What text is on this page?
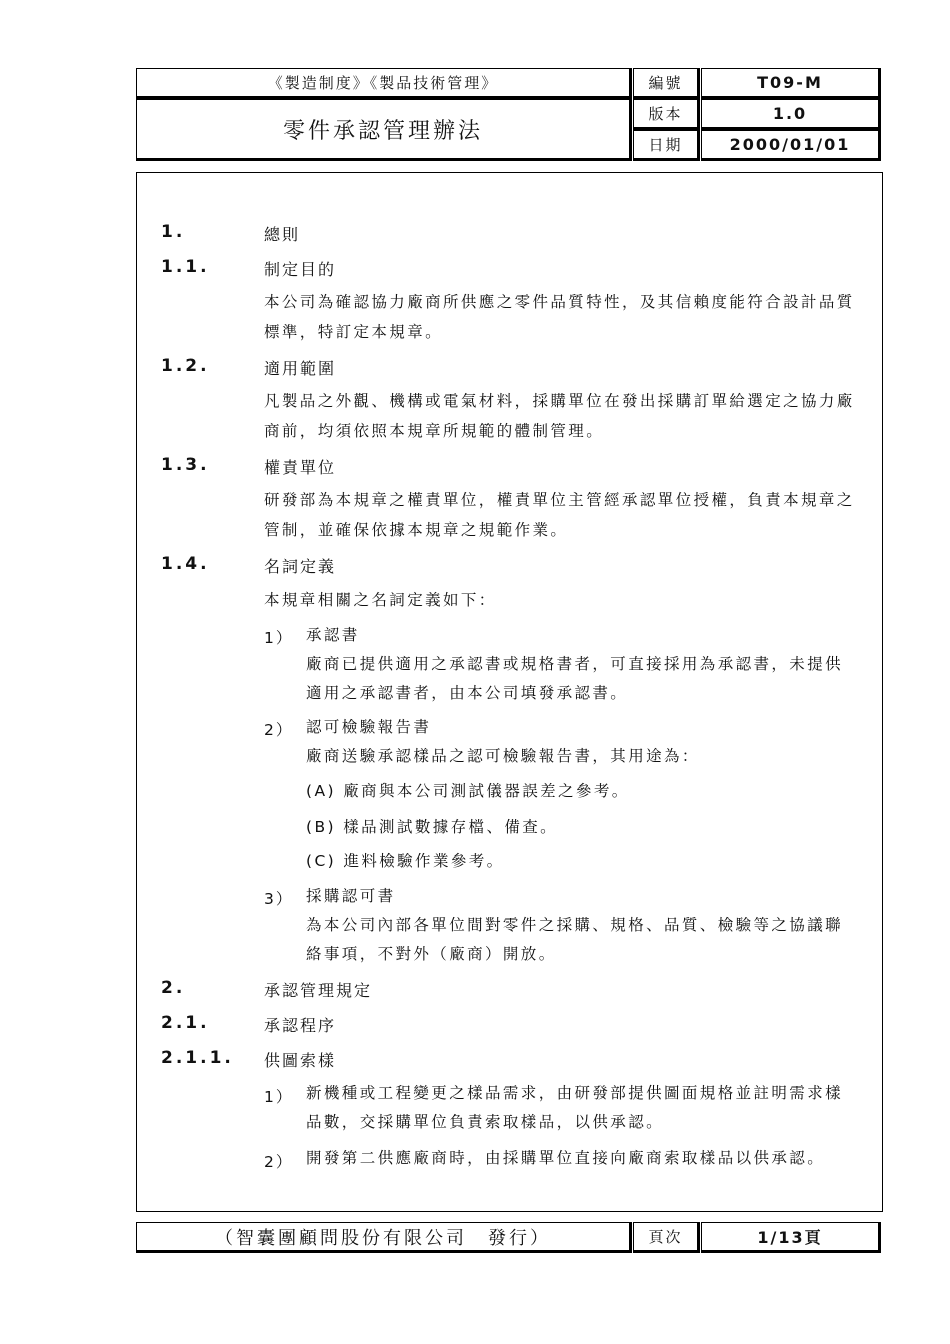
《製造制度》《製品技術管理》
零件承認管理辦法
編號	T09-M
版本	1.0
日期	2000/01/01
1.	總則
1.1.	制定目的
本公司為確認協力廠商所供應之零件品質特性，及其信賴度能符合設計品質標準，特訂定本規章。
1.2.	適用範圍
凡製品之外觀、機構或電氣材料，採購單位在發出採購訂單給選定之協力廠商前，均須依照本規章所規範的體制管理。
1.3.	權責單位
研發部為本規章之權責單位，權責單位主管經承認單位授權，負責本規章之管制，並確保依據本規章之規範作業。
1.4.	名詞定義
本規章相關之名詞定義如下：
1） 承認書
廠商已提供適用之承認書或規格書者，可直接採用為承認書，未提供適用之承認書者，由本公司填發承認書。
2） 認可檢驗報告書
廠商送驗承認樣品之認可檢驗報告書，其用途為：
(A) 廠商與本公司測試儀器誤差之參考。
(B) 樣品測試數據存檔、備查。
(C) 進料檢驗作業參考。
3） 採購認可書
為本公司內部各單位間對零件之採購、規格、品質、檢驗等之協議聯絡事項，不對外（廠商）開放。
2.	承認管理規定
2.1.	承認程序
2.1.1. 供圖索樣
1） 新機種或工程變更之樣品需求，由研發部提供圖面規格並註明需求樣品數，交採購單位負責索取樣品，以供承認。
2） 開發第二供應廠商時，由採購單位直接向廠商索取樣品以供承認。
（智囊團顧問股份有限公司　發行）	頁次	1/13頁
